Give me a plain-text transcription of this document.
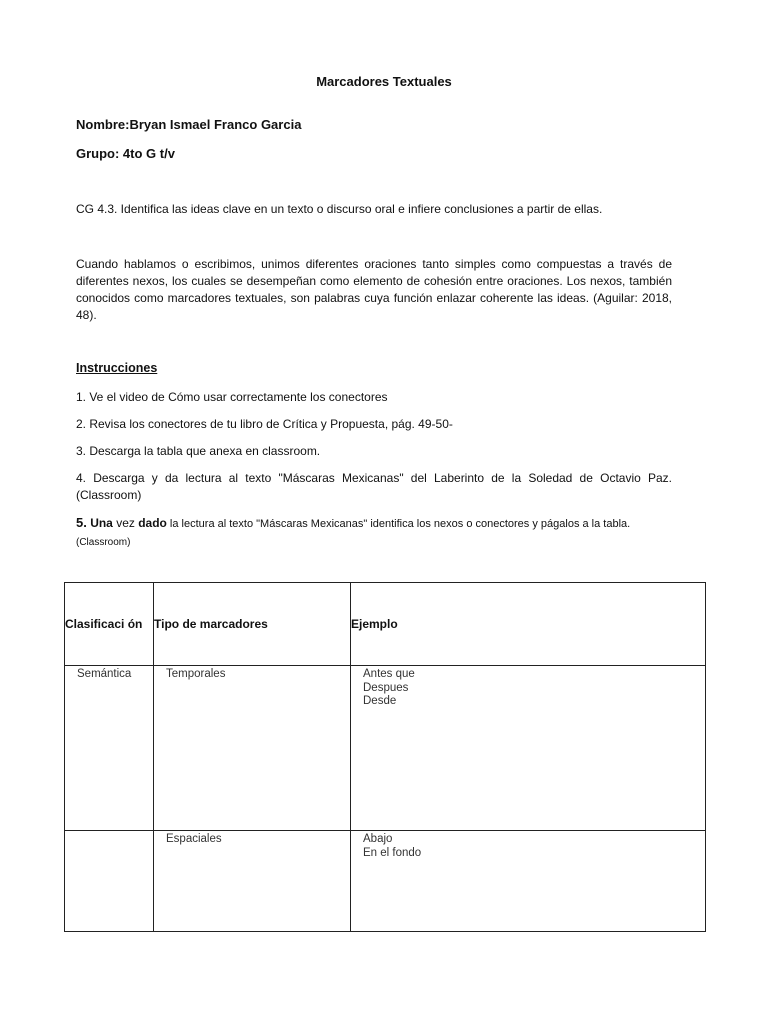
Marcadores Textuales
Nombre:Bryan Ismael Franco Garcia
Grupo: 4to G t/v
CG 4.3. Identifica las ideas clave en un texto o discurso oral e infiere conclusiones a partir de ellas.
Cuando hablamos o escribimos, unimos diferentes oraciones tanto simples como compuestas a través de diferentes nexos, los cuales se desempeñan como elemento de cohesión entre oraciones. Los nexos, también conocidos como marcadores textuales, son palabras cuya función enlazar coherente las ideas. (Aguilar: 2018, 48).
Instrucciones
1. Ve el video de Cómo usar correctamente los conectores
2. Revisa los conectores de tu libro de Crítica y Propuesta, pág. 49-50-
3. Descarga la tabla que anexa en classroom.
4. Descarga y da lectura al texto "Máscaras Mexicanas" del Laberinto de la Soledad de Octavio Paz. (Classroom)
5. Una vez dado la lectura al texto "Máscaras Mexicanas" identifica los nexos o conectores y págalos a la tabla.
(Classroom)
Clasificaci ón	Tipo de marcadores	Ejemplo

Semántica	Temporales	Antes que
Despues
Desde

	Espaciales	Abajo
En el fondo
